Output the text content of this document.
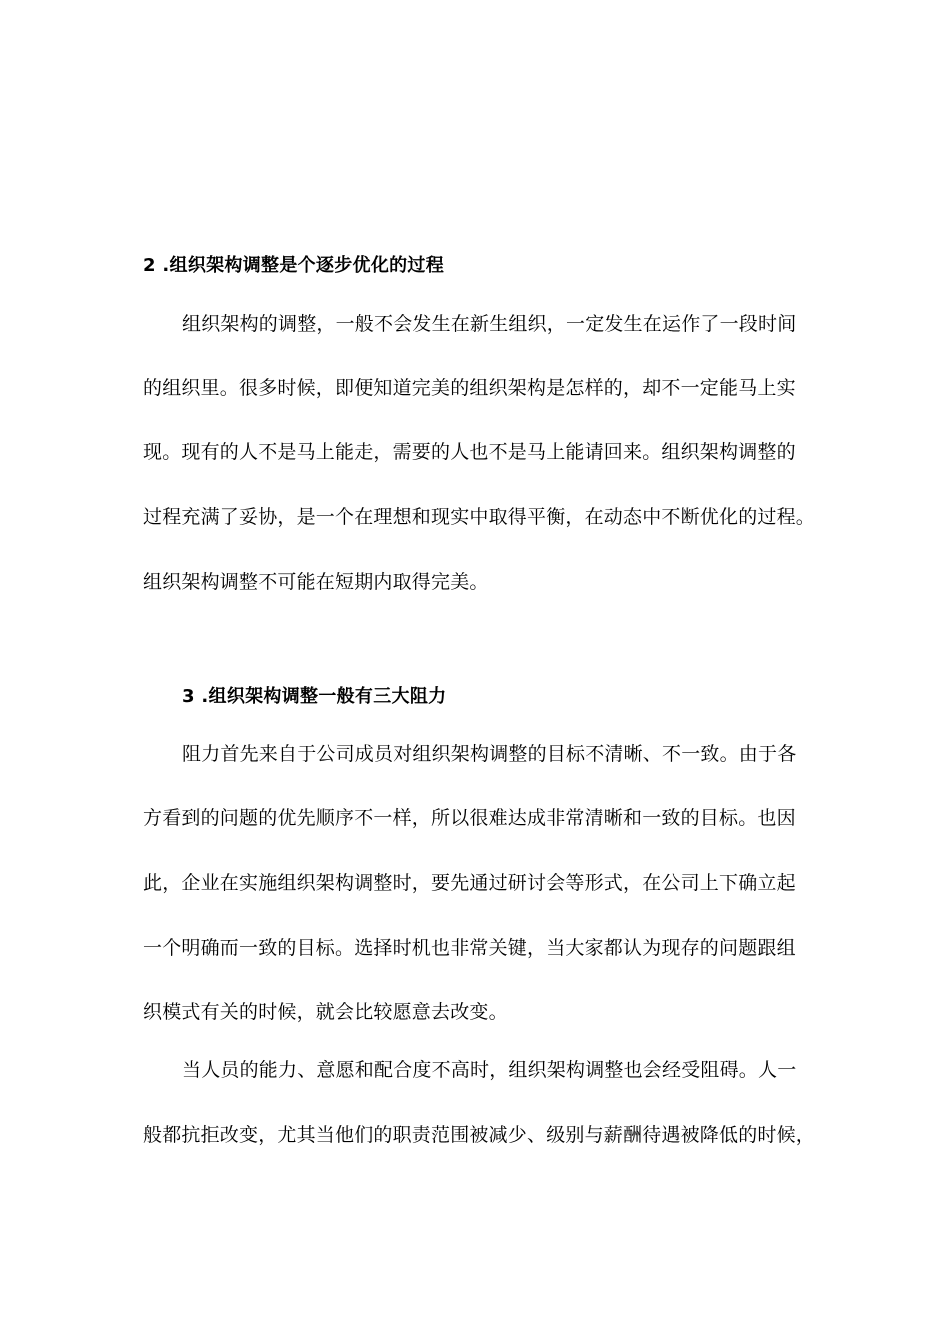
2 .组织架构调整是个逐步优化的过程
组织架构的调整，一般不会发生在新生组织，一定发生在运作了一段时间
的组织里。很多时候，即便知道完美的组织架构是怎样的，却不一定能马上实
现。现有的人不是马上能走，需要的人也不是马上能请回来。组织架构调整的
过程充满了妥协，是一个在理想和现实中取得平衡，在动态中不断优化的过程。
组织架构调整不可能在短期内取得完美。
3 .组织架构调整一般有三大阻力
阻力首先来自于公司成员对组织架构调整的目标不清晰、不一致。由于各
方看到的问题的优先顺序不一样，所以很难达成非常清晰和一致的目标。也因
此，企业在实施组织架构调整时，要先通过研讨会等形式，在公司上下确立起
一个明确而一致的目标。选择时机也非常关键，当大家都认为现存的问题跟组
织模式有关的时候，就会比较愿意去改变。
当人员的能力、意愿和配合度不高时，组织架构调整也会经受阻碍。人一
般都抗拒改变，尤其当他们的职责范围被减少、级别与薪酬待遇被降低的时候，
